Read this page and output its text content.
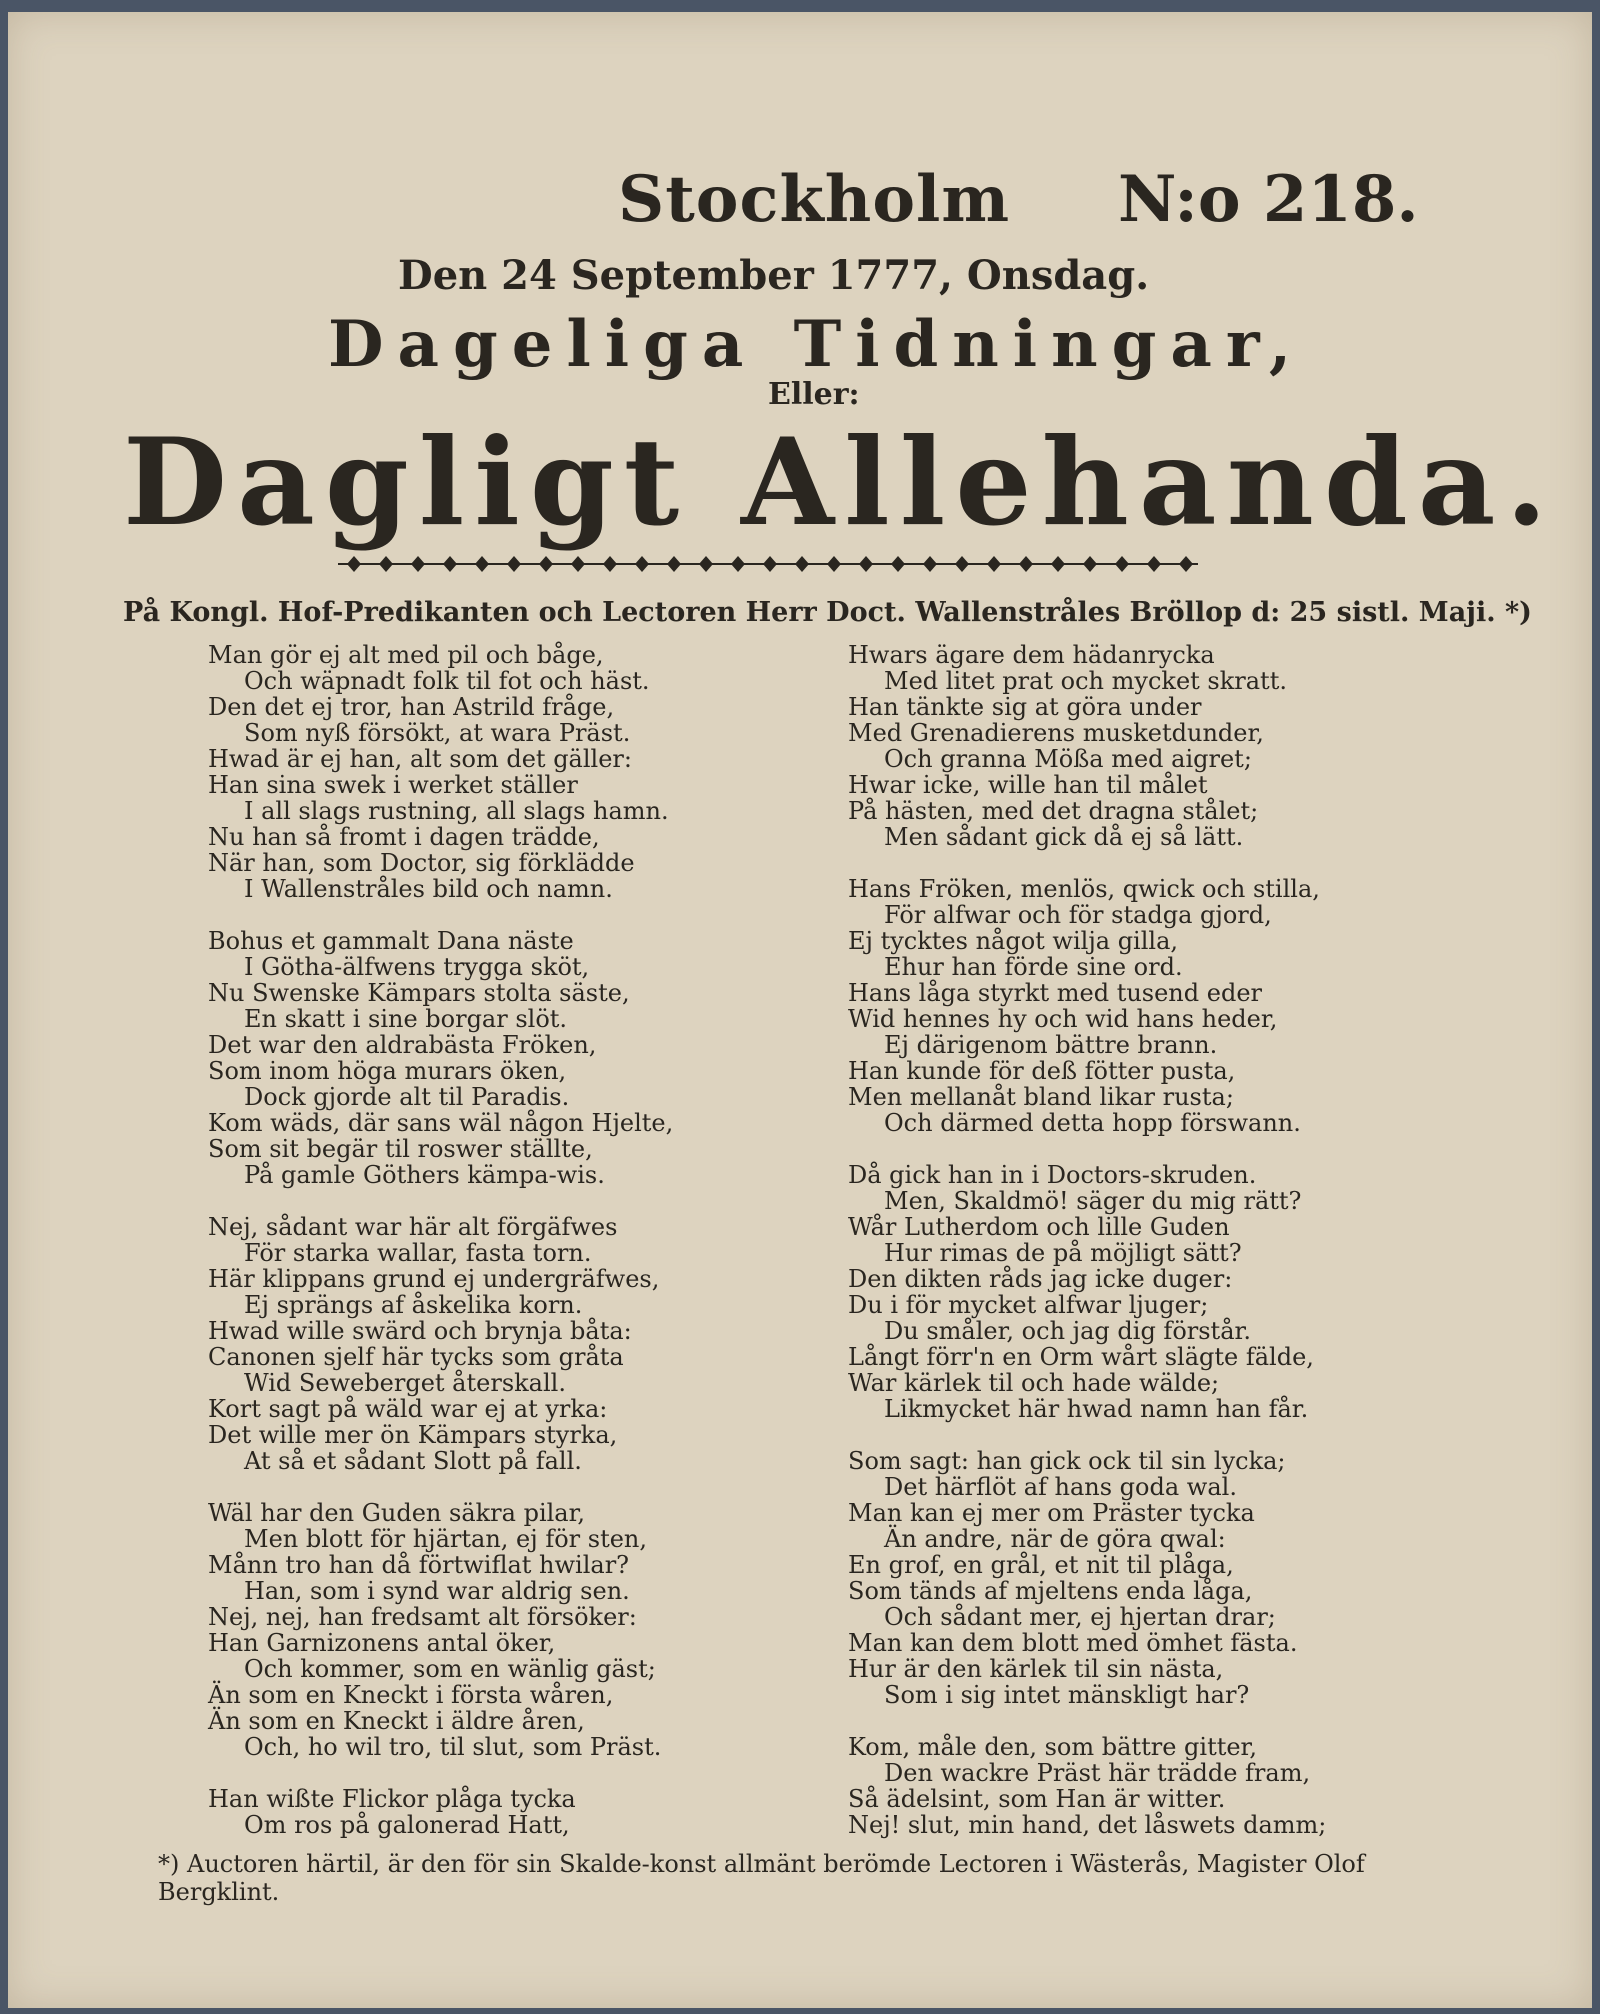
Stockholm N:o 218.
Den 24 September 1777, Onsdag.
Dageliga Tidningar,
Eller:
Dagligt Allehanda.
På Kongl. Hof-Predikanten och Lectoren Herr Doct. Wallenstråles Bröllop d: 25 sistl. Maji. *)
Man gör ej alt med pil och båge,
Och wäpnadt folk til fot och häst.
Den det ej tror, han Astrild fråge,
Som nyß försökt, at wara Präst.
Hwad är ej han, alt som det gäller:
Han sina swek i werket ställer
I all slags rustning, all slags hamn.
Nu han så fromt i dagen trädde,
När han, som Doctor, sig förklädde
I Wallenstråles bild och namn.
Bohus et gammalt Dana näste
I Götha-älfwens trygga sköt,
Nu Swenske Kämpars stolta säste,
En skatt i sine borgar slöt.
Det war den aldrabästa Fröken,
Som inom höga murars öken,
Dock gjorde alt til Paradis.
Kom wäds, där sans wäl någon Hjelte,
Som sit begär til roswer ställte,
På gamle Göthers kämpa-wis.
Nej, sådant war här alt förgäfwes
För starka wallar, fasta torn.
Här klippans grund ej undergräfwes,
Ej sprängs af åskelika korn.
Hwad wille swärd och brynja båta:
Canonen sjelf här tycks som gråta
Wid Seweberget återskall.
Kort sagt på wäld war ej at yrka:
Det wille mer ön Kämpars styrka,
At så et sådant Slott på fall.
Wäl har den Guden säkra pilar,
Men blott för hjärtan, ej för sten,
Månn tro han då förtwiflat hwilar?
Han, som i synd war aldrig sen.
Nej, nej, han fredsamt alt försöker:
Han Garnizonens antal öker,
Och kommer, som en wänlig gäst;
Än som en Kneckt i första wåren,
Än som en Kneckt i äldre åren,
Och, ho wil tro, til slut, som Präst.
Han wißte Flickor plåga tycka
Om ros på galonerad Hatt,
Hwars ägare dem hädanrycka
Med litet prat och mycket skratt.
Han tänkte sig at göra under
Med Grenadierens musketdunder,
Och granna Mößa med aigret;
Hwar icke, wille han til målet
På hästen, med det dragna stålet;
Men sådant gick då ej så lätt.
Hans Fröken, menlös, qwick och stilla,
För alfwar och för stadga gjord,
Ej tycktes något wilja gilla,
Ehur han förde sine ord.
Hans låga styrkt med tusend eder
Wid hennes hy och wid hans heder,
Ej därigenom bättre brann.
Han kunde för deß fötter pusta,
Men mellanåt bland likar rusta;
Och därmed detta hopp förswann.
Då gick han in i Doctors-skruden.
Men, Skaldmö! säger du mig rätt?
Wår Lutherdom och lille Guden
Hur rimas de på möjligt sätt?
Den dikten råds jag icke duger:
Du i för mycket alfwar ljuger;
Du småler, och jag dig förstår.
Långt förr'n en Orm wårt slägte fälde,
War kärlek til och hade wälde;
Likmycket här hwad namn han får.
Som sagt: han gick ock til sin lycka;
Det härflöt af hans goda wal.
Man kan ej mer om Präster tycka
Än andre, när de göra qwal:
En grof, en grål, et nit til plåga,
Som tänds af mjeltens enda låga,
Och sådant mer, ej hjertan drar;
Man kan dem blott med ömhet fästa.
Hur är den kärlek til sin nästa,
Som i sig intet mänskligt har?
Kom, måle den, som bättre gitter,
Den wackre Präst här trädde fram,
Så ädelsint, som Han är witter.
Nej! slut, min hand, det låswets damm;
*) Auctoren härtil, är den för sin Skalde-konst allmänt berömde Lectoren i Wästerås, Magister Olof Bergklint.
